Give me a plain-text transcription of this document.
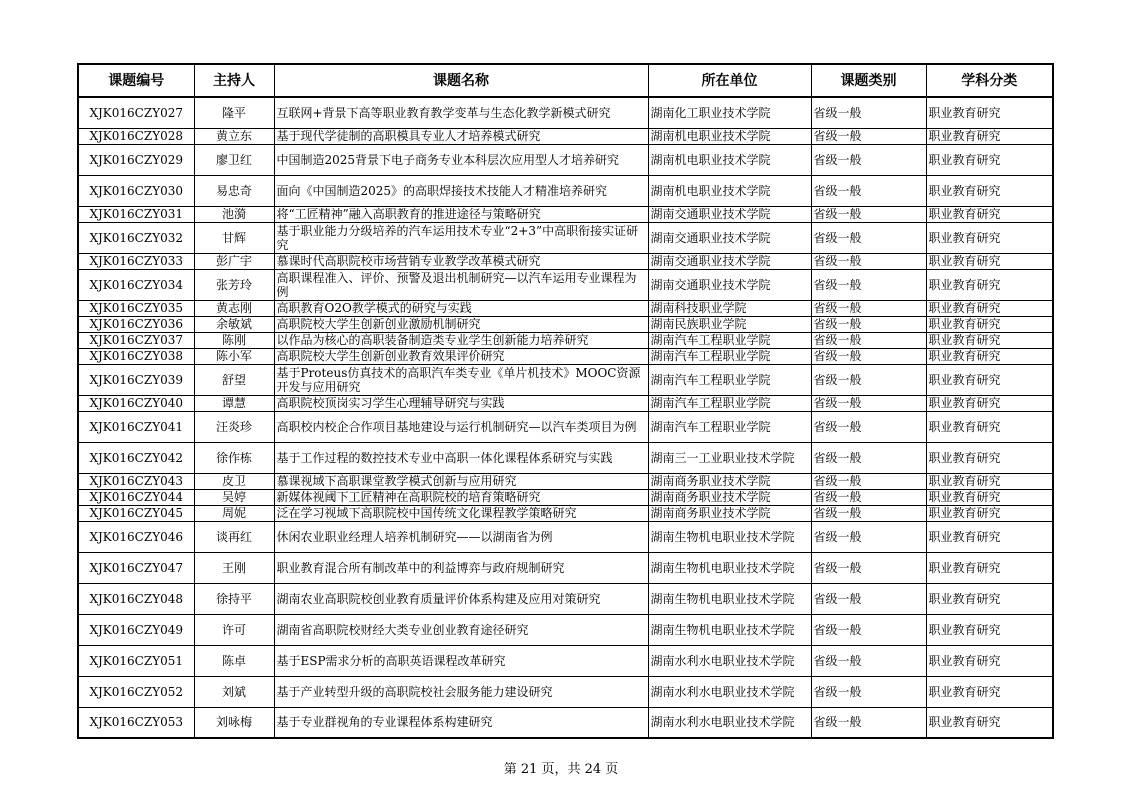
课题编号	主持人	课题名称	所在单位	课题类别	学科分类
XJK016CZY027	隆平	互联网+背景下高等职业教育教学变革与生态化教学新模式研究	湖南化工职业技术学院	省级一般	职业教育研究
XJK016CZY028	黄立东	基于现代学徒制的高职模具专业人才培养模式研究	湖南机电职业技术学院	省级一般	职业教育研究
XJK016CZY029	廖卫红	中国制造2025背景下电子商务专业本科层次应用型人才培养研究	湖南机电职业技术学院	省级一般	职业教育研究
XJK016CZY030	易忠奇	面向《中国制造2025》的高职焊接技术技能人才精准培养研究	湖南机电职业技术学院	省级一般	职业教育研究
XJK016CZY031	池漪	将“工匠精神”融入高职教育的推进途径与策略研究	湖南交通职业技术学院	省级一般	职业教育研究
XJK016CZY032	甘辉	基于职业能力分级培养的汽车运用技术专业“2+3”中高职衔接实证研究	湖南交通职业技术学院	省级一般	职业教育研究
XJK016CZY033	彭广宇	慕课时代高职院校市场营销专业教学改革模式研究	湖南交通职业技术学院	省级一般	职业教育研究
XJK016CZY034	张芳玲	高职课程准入、评价、预警及退出机制研究—以汽车运用专业课程为例	湖南交通职业技术学院	省级一般	职业教育研究
XJK016CZY035	黄志刚	高职教育O2O教学模式的研究与实践	湖南科技职业学院	省级一般	职业教育研究
XJK016CZY036	余敏斌	高职院校大学生创新创业激励机制研究	湖南民族职业学院	省级一般	职业教育研究
XJK016CZY037	陈刚	以作品为核心的高职装备制造类专业学生创新能力培养研究	湖南汽车工程职业学院	省级一般	职业教育研究
XJK016CZY038	陈小军	高职院校大学生创新创业教育效果评价研究	湖南汽车工程职业学院	省级一般	职业教育研究
XJK016CZY039	舒望	基于Proteus仿真技术的高职汽车类专业《单片机技术》MOOC资源开发与应用研究	湖南汽车工程职业学院	省级一般	职业教育研究
XJK016CZY040	谭慧	高职院校顶岗实习学生心理辅导研究与实践	湖南汽车工程职业学院	省级一般	职业教育研究
XJK016CZY041	汪炎珍	高职校内校企合作项目基地建设与运行机制研究—以汽车类项目为例	湖南汽车工程职业学院	省级一般	职业教育研究
XJK016CZY042	徐作栋	基于工作过程的数控技术专业中高职一体化课程体系研究与实践	湖南三一工业职业技术学院	省级一般	职业教育研究
XJK016CZY043	皮卫	慕课视域下高职课堂教学模式创新与应用研究	湖南商务职业技术学院	省级一般	职业教育研究
XJK016CZY044	吴婷	新媒体视阈下工匠精神在高职院校的培育策略研究	湖南商务职业技术学院	省级一般	职业教育研究
XJK016CZY045	周妮	泛在学习视域下高职院校中国传统文化课程教学策略研究	湖南商务职业技术学院	省级一般	职业教育研究
XJK016CZY046	谈再红	休闲农业职业经理人培养机制研究——以湖南省为例	湖南生物机电职业技术学院	省级一般	职业教育研究
XJK016CZY047	王刚	职业教育混合所有制改革中的利益博弈与政府规制研究	湖南生物机电职业技术学院	省级一般	职业教育研究
XJK016CZY048	徐持平	湖南农业高职院校创业教育质量评价体系构建及应用对策研究	湖南生物机电职业技术学院	省级一般	职业教育研究
XJK016CZY049	许可	湖南省高职院校财经大类专业创业教育途径研究	湖南生物机电职业技术学院	省级一般	职业教育研究
XJK016CZY051	陈卓	基于ESP需求分析的高职英语课程改革研究	湖南水利水电职业技术学院	省级一般	职业教育研究
XJK016CZY052	刘斌	基于产业转型升级的高职院校社会服务能力建设研究	湖南水利水电职业技术学院	省级一般	职业教育研究
XJK016CZY053	刘咏梅	基于专业群视角的专业课程体系构建研究	湖南水利水电职业技术学院	省级一般	职业教育研究
第 21 页，共 24 页
